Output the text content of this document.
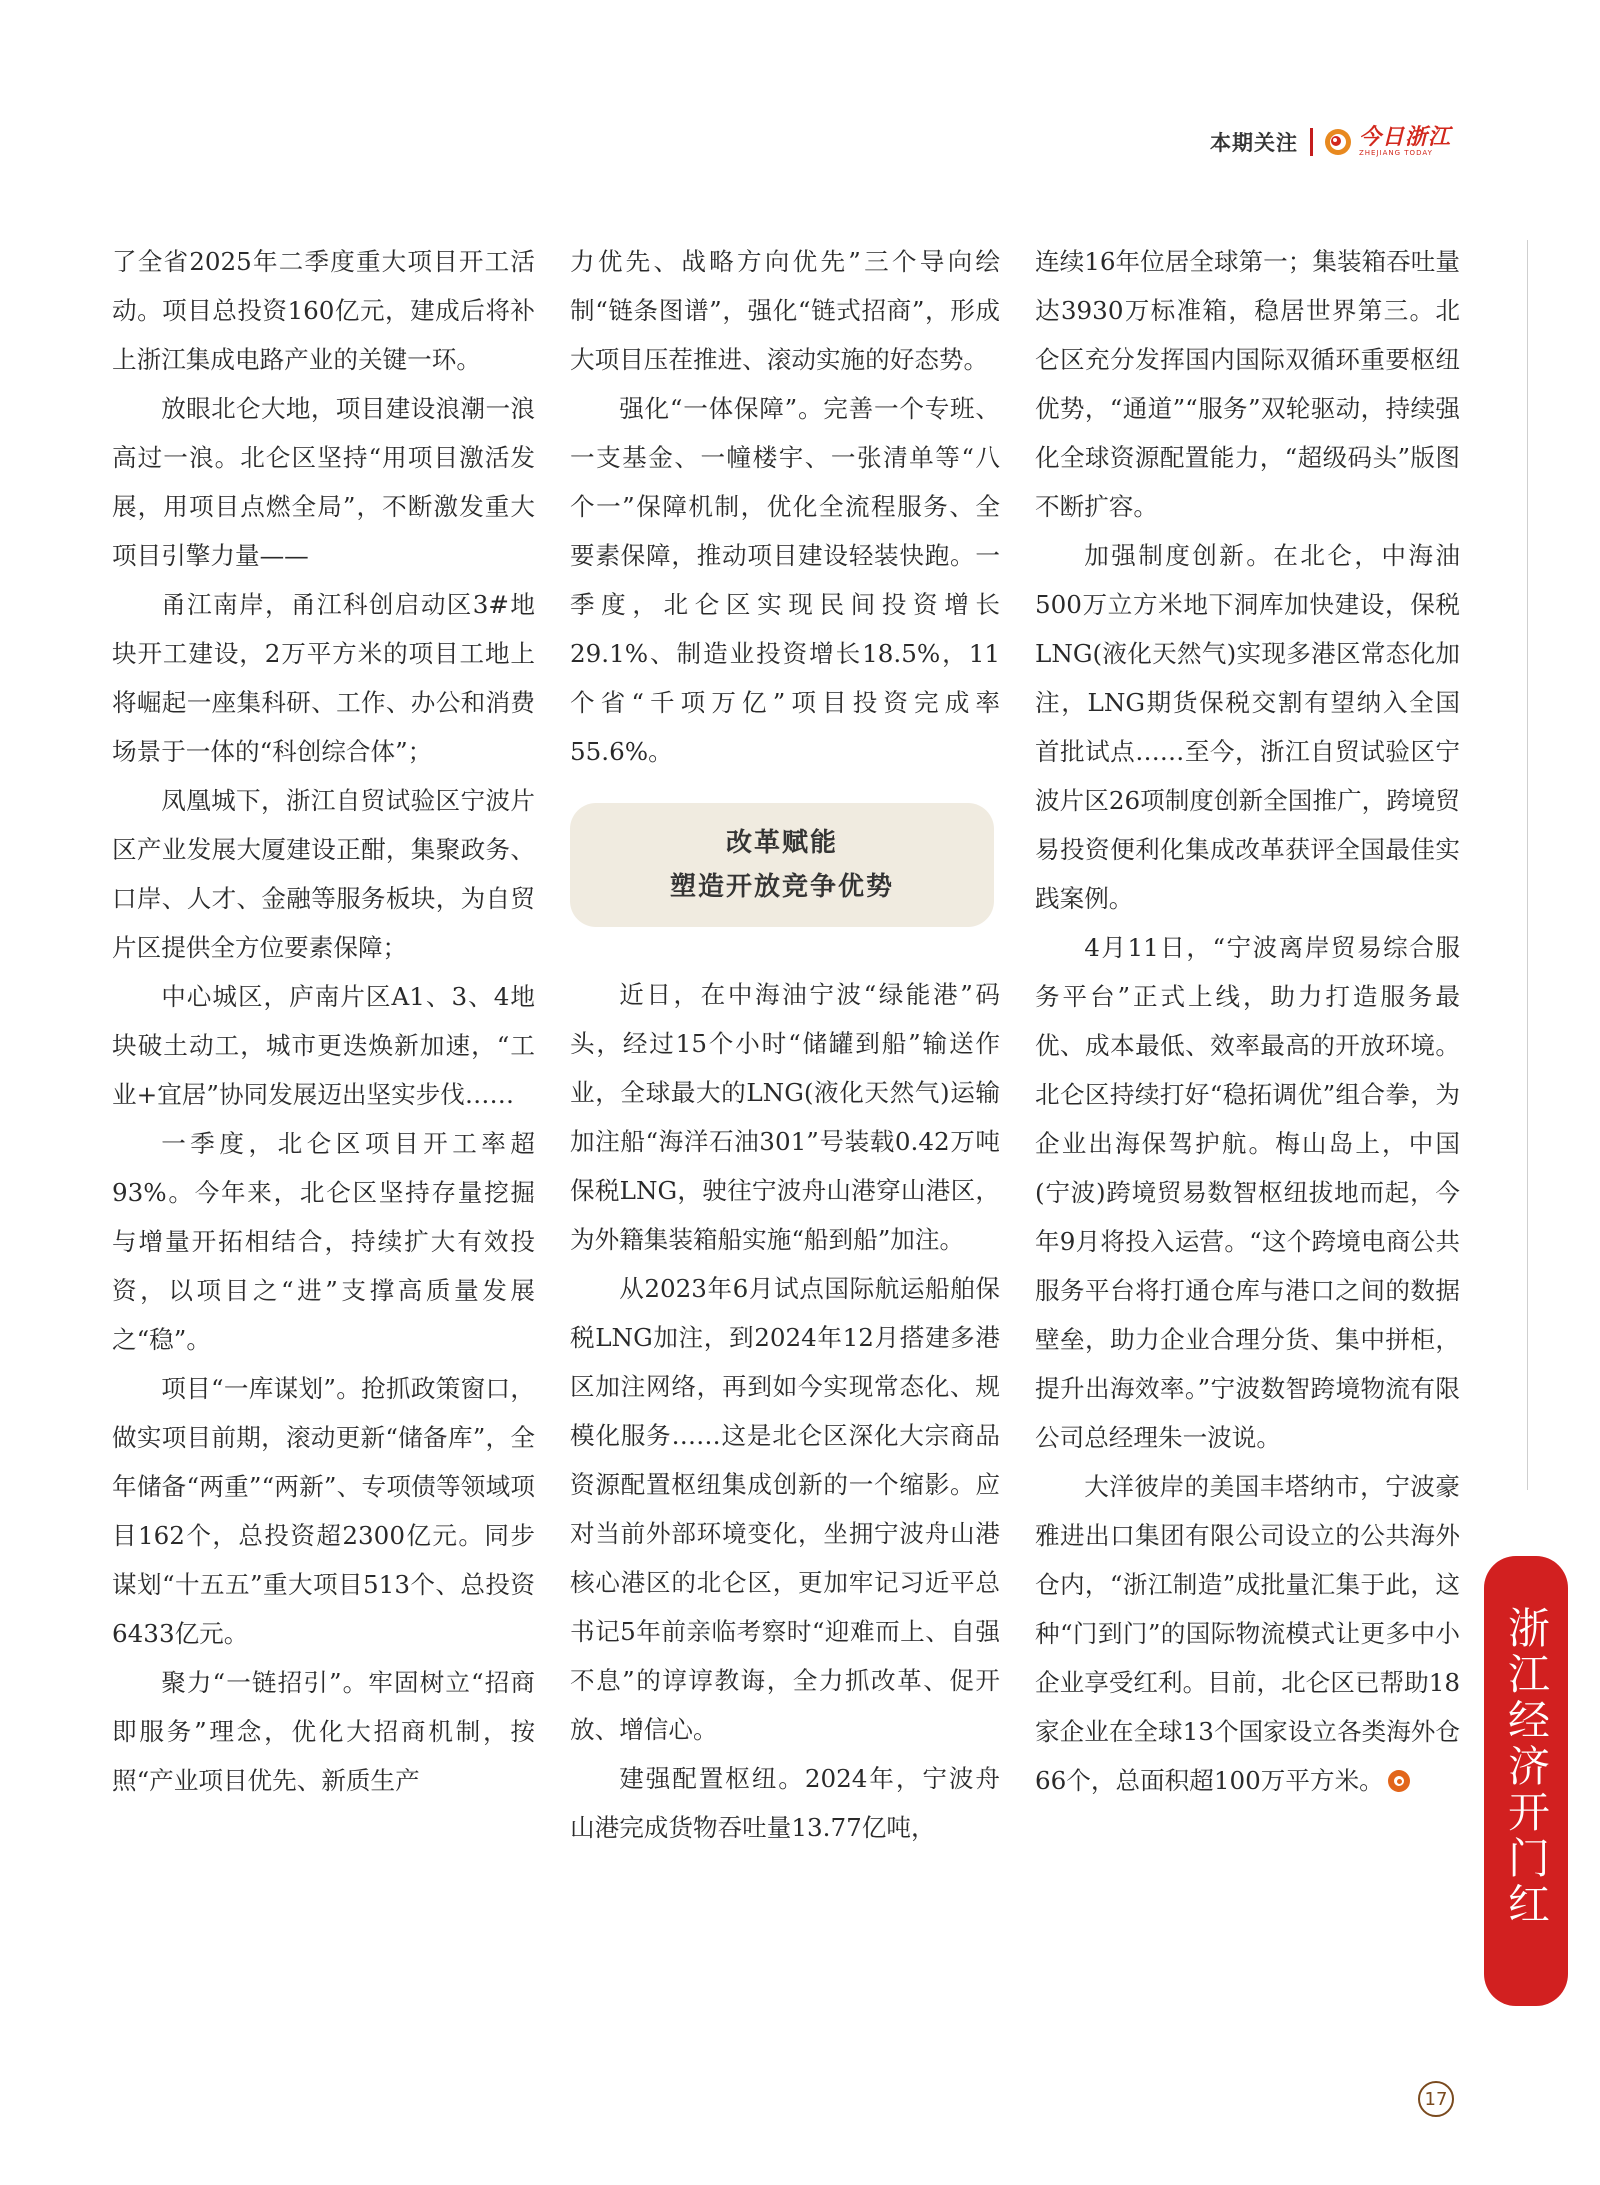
本期关注	今日浙江
ZHEJIANG TODAY

了全省2025年二季度重大项目开工活动。项目总投资160亿元，建成后将补上浙江集成电路产业的关键一环。

放眼北仑大地，项目建设浪潮一浪高过一浪。北仑区坚持“用项目激活发展，用项目点燃全局”，不断激发重大项目引擎力量——

甬江南岸，甬江科创启动区3#地块开工建设，2万平方米的项目工地上将崛起一座集科研、工作、办公和消费场景于一体的“科创综合体”；

凤凰城下，浙江自贸试验区宁波片区产业发展大厦建设正酣，集聚政务、口岸、人才、金融等服务板块，为自贸片区提供全方位要素保障；

中心城区，庐南片区A1、3、4地块破土动工，城市更迭焕新加速，“工业+宜居”协同发展迈出坚实步伐……

一季度，北仑区项目开工率超93%。今年来，北仑区坚持存量挖掘与增量开拓相结合，持续扩大有效投资，以项目之“进”支撑高质量发展之“稳”。

项目“一库谋划”。抢抓政策窗口，做实项目前期，滚动更新“储备库”，全年储备“两重”“两新”、专项债等领域项目162个，总投资超2300亿元。同步谋划“十五五”重大项目513个、总投资6433亿元。

聚力“一链招引”。牢固树立“招商即服务”理念，优化大招商机制，按照“产业项目优先、新质生产

力优先、战略方向优先”三个导向绘制“链条图谱”，强化“链式招商”，形成大项目压茬推进、滚动实施的好态势。

强化“一体保障”。完善一个专班、一支基金、一幢楼宇、一张清单等“八个一”保障机制，优化全流程服务、全要素保障，推动项目建设轻装快跑。一季度，北仑区实现民间投资增长29.1%、制造业投资增长18.5%，11个省“千项万亿”项目投资完成率55.6%。

改革赋能
塑造开放竞争优势

近日，在中海油宁波“绿能港”码头，经过15个小时“储罐到船”输送作业，全球最大的LNG(液化天然气)运输加注船“海洋石油301”号装载0.42万吨保税LNG，驶往宁波舟山港穿山港区，为外籍集装箱船实施“船到船”加注。

从2023年6月试点国际航运船舶保税LNG加注，到2024年12月搭建多港区加注网络，再到如今实现常态化、规模化服务……这是北仑区深化大宗商品资源配置枢纽集成创新的一个缩影。应对当前外部环境变化，坐拥宁波舟山港核心港区的北仑区，更加牢记习近平总书记5年前亲临考察时“迎难而上、自强不息”的谆谆教诲，全力抓改革、促开放、增信心。

建强配置枢纽。2024年，宁波舟山港完成货物吞吐量13.77亿吨，

连续16年位居全球第一；集装箱吞吐量达3930万标准箱，稳居世界第三。北仑区充分发挥国内国际双循环重要枢纽优势，“通道”“服务”双轮驱动，持续强化全球资源配置能力，“超级码头”版图不断扩容。

加强制度创新。在北仑，中海油500万立方米地下洞库加快建设，保税LNG(液化天然气)实现多港区常态化加注，LNG期货保税交割有望纳入全国首批试点……至今，浙江自贸试验区宁波片区26项制度创新全国推广，跨境贸易投资便利化集成改革获评全国最佳实践案例。

4月11日，“宁波离岸贸易综合服务平台”正式上线，助力打造服务最优、成本最低、效率最高的开放环境。北仑区持续打好“稳拓调优”组合拳，为企业出海保驾护航。梅山岛上，中国(宁波)跨境贸易数智枢纽拔地而起，今年9月将投入运营。“这个跨境电商公共服务平台将打通仓库与港口之间的数据壁垒，助力企业合理分货、集中拼柜，提升出海效率。”宁波数智跨境物流有限公司总经理朱一波说。

大洋彼岸的美国丰塔纳市，宁波豪雅进出口集团有限公司设立的公共海外仓内，“浙江制造”成批量汇集于此，这种“门到门”的国际物流模式让更多中小企业享受红利。目前，北仑区已帮助18家企业在全球13个国家设立各类海外仓66个，总面积超100万平方米。	浙江经济开门红
17
